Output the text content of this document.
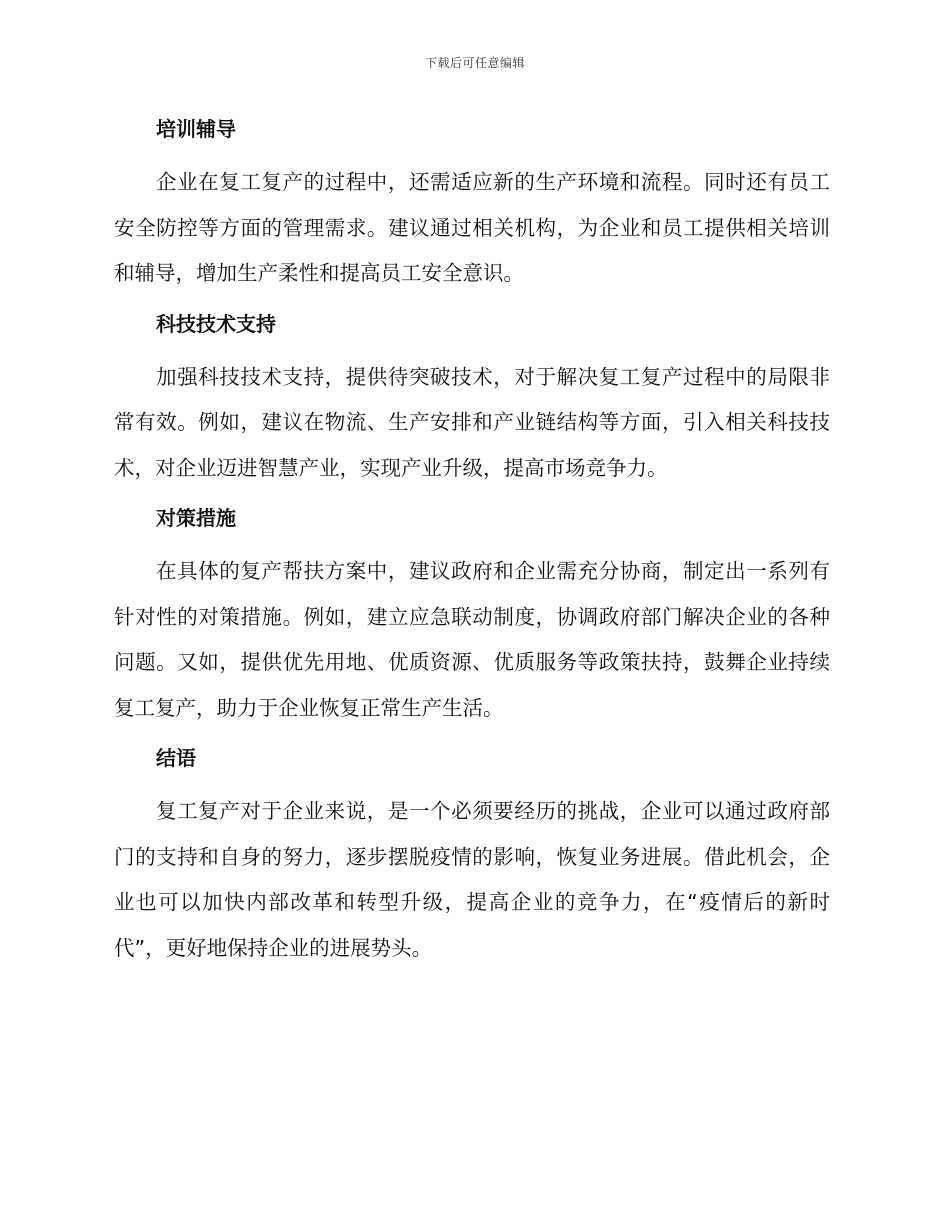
下载后可任意编辑
培训辅导

企业在复工复产的过程中，还需适应新的生产环境和流程。同时还有员工安全防控等方面的管理需求。建议通过相关机构，为企业和员工提供相关培训和辅导，增加生产柔性和提高员工安全意识。

科技技术支持

加强科技技术支持，提供待突破技术，对于解决复工复产过程中的局限非常有效。例如，建议在物流、生产安排和产业链结构等方面，引入相关科技技术，对企业迈进智慧产业，实现产业升级，提高市场竞争力。

对策措施

在具体的复产帮扶方案中，建议政府和企业需充分协商，制定出一系列有针对性的对策措施。例如，建立应急联动制度，协调政府部门解决企业的各种问题。又如，提供优先用地、优质资源、优质服务等政策扶持，鼓舞企业持续复工复产，助力于企业恢复正常生产生活。

结语

复工复产对于企业来说，是一个必须要经历的挑战，企业可以通过政府部门的支持和自身的努力，逐步摆脱疫情的影响，恢复业务进展。借此机会，企业也可以加快内部改革和转型升级，提高企业的竞争力，在“疫情后的新时代”，更好地保持企业的进展势头。
